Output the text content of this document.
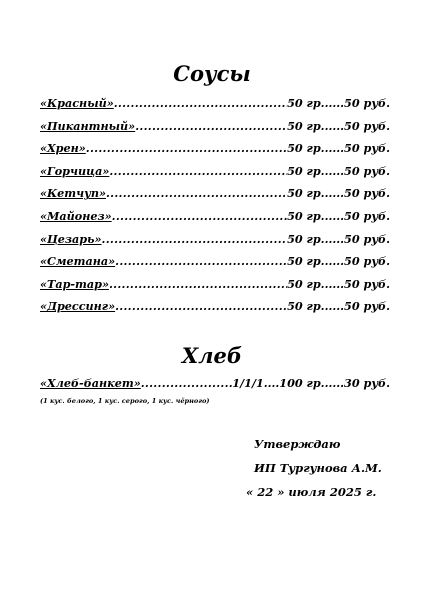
Соусы
«Красный» .....	50 гр......50 руб.
«Пикантный» .....	50 гр......50 руб.
«Хрен» .....	50 гр......50 руб.
«Горчица» .....	50 гр......50 руб.
«Кетчуп» .....	50 гр......50 руб.
«Майонез» .....	50 гр......50 руб.
«Цезарь» .....	50 гр......50 руб.
«Сметана» .....	50 гр......50 руб.
«Тар-тар» .....	50 гр......50 руб.
«Дрессинг» .....	50 гр......50 руб.
Хлеб
«Хлеб-банкет» .....	1/1/1....100 гр......30 руб.
(1 кус. белого, 1 кус. серого, 1 кус. чёрного)
Утверждаю
ИП Тургунова А.М.
« 22 » июля 2025 г.
